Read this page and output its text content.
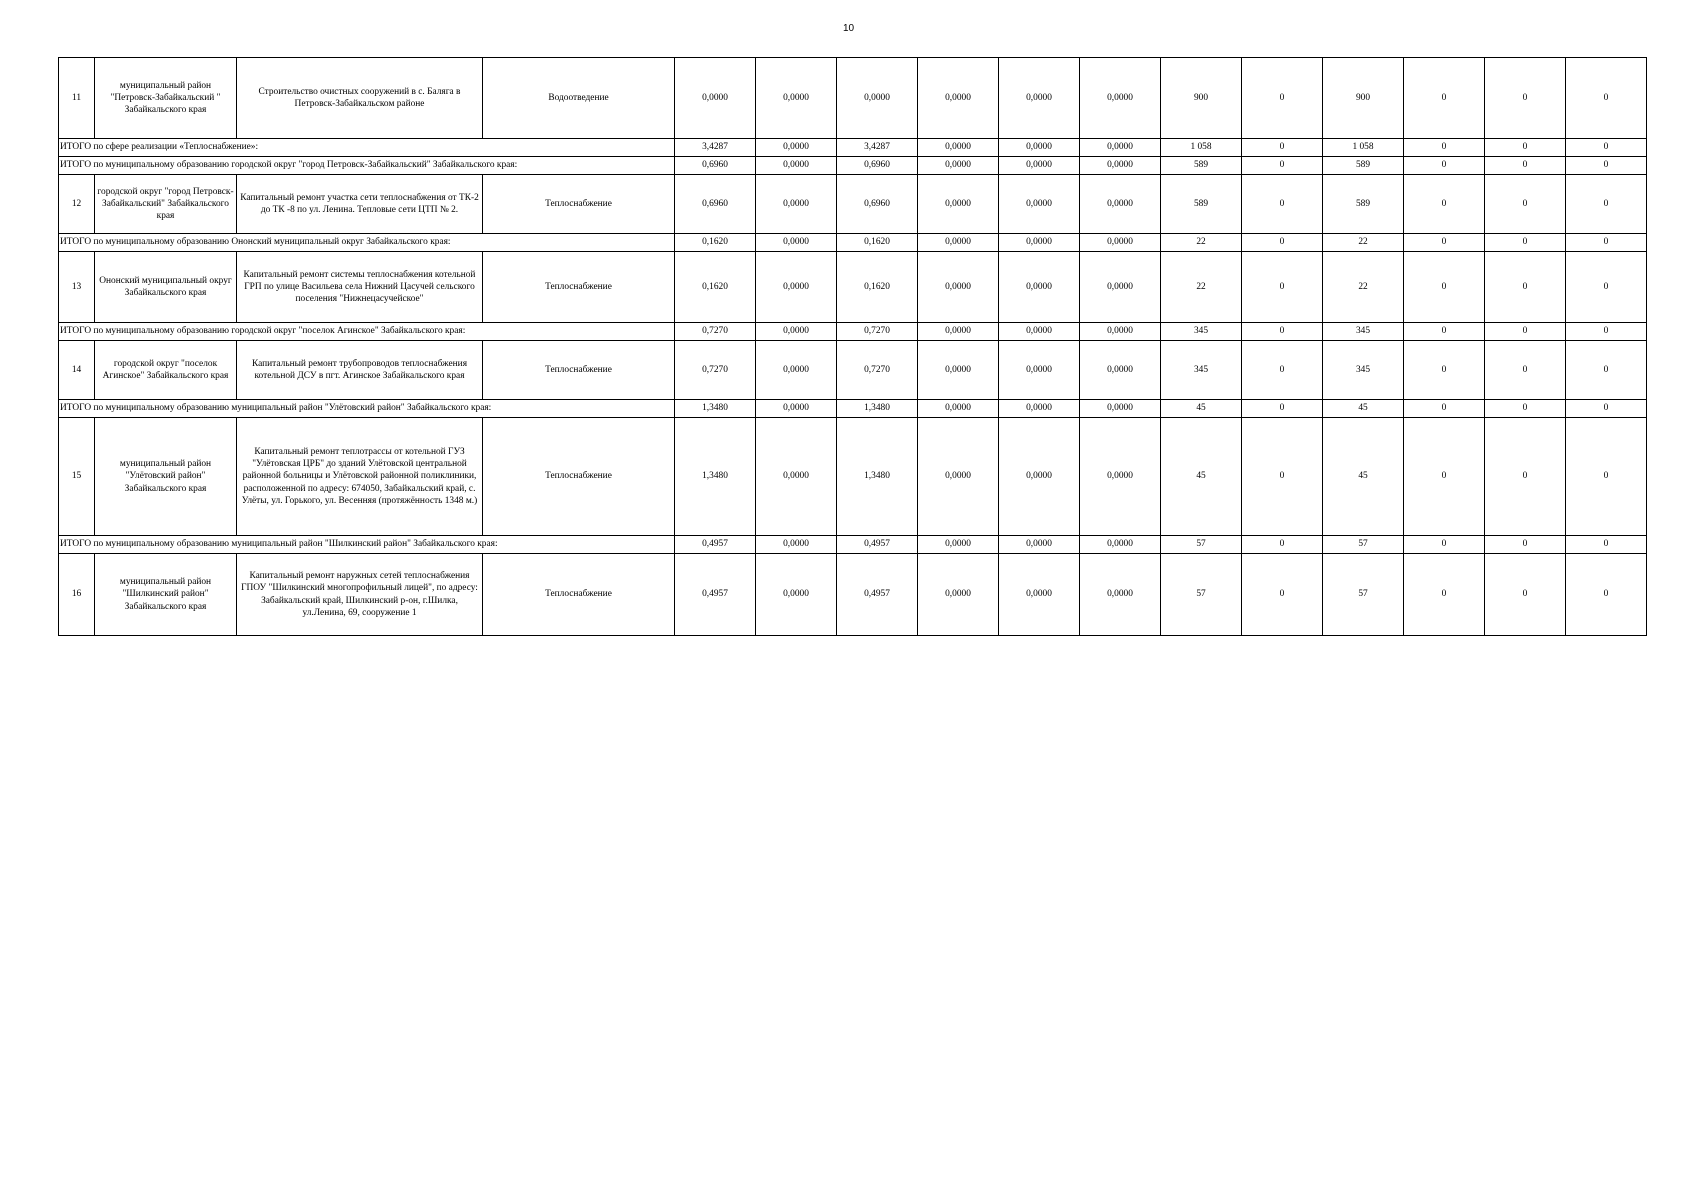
10
11	муниципальный район "Петровск-Забайкальский " Забайкальского края	Строительство очистных сооружений в с. Баляга в Петровск-Забайкальском районе	Водоотведение	0,0000	0,0000	0,0000	0,0000	0,0000	0,0000	900	0	900	0	0	0
ИТОГО по сфере реализации «Теплоснабжение»:				3,4287	0,0000	3,4287	0,0000	0,0000	0,0000	1 058	0	1 058	0	0	0
ИТОГО по муниципальному образованию городской округ "город Петровск-Забайкальский" Забайкальского края:				0,6960	0,0000	0,6960	0,0000	0,0000	0,0000	589	0	589	0	0	0
12	городской округ "город Петровск-Забайкальский" Забайкальского края	Капитальный ремонт участка сети теплоснабжения от ТК-2 до ТК -8 по ул. Ленина. Тепловые сети ЦТП № 2.	Теплоснабжение	0,6960	0,0000	0,6960	0,0000	0,0000	0,0000	589	0	589	0	0	0
ИТОГО по муниципальному образованию Ононский муниципальный округ Забайкальского края:				0,1620	0,0000	0,1620	0,0000	0,0000	0,0000	22	0	22	0	0	0
13	Ононский муниципальный округ Забайкальского края	Капитальный ремонт системы теплоснабжения котельной ГРП по улице Васильева села Нижний Цасучей сельского поселения "Нижнецасучейское"	Теплоснабжение	0,1620	0,0000	0,1620	0,0000	0,0000	0,0000	22	0	22	0	0	0
ИТОГО по муниципальному образованию городской округ "поселок Агинское" Забайкальского края:				0,7270	0,0000	0,7270	0,0000	0,0000	0,0000	345	0	345	0	0	0
14	городской округ "поселок Агинское" Забайкальского края	Капитальный ремонт трубопроводов теплоснабжения котельной ДСУ в пгт. Агинское Забайкальского края	Теплоснабжение	0,7270	0,0000	0,7270	0,0000	0,0000	0,0000	345	0	345	0	0	0
ИТОГО по муниципальному образованию муниципальный район "Улётовский район" Забайкальского края:				1,3480	0,0000	1,3480	0,0000	0,0000	0,0000	45	0	45	0	0	0
15	муниципальный район "Улётовский район" Забайкальского края	Капитальный ремонт теплотрассы от котельной ГУЗ "Улётовская ЦРБ" до зданий Улётовской центральной районной больницы и Улётовской районной поликлиники, расположенной по адресу: 674050, Забайкальский край, с. Улёты, ул. Горького, ул. Весенняя (протяжённость 1348 м.)	Теплоснабжение	1,3480	0,0000	1,3480	0,0000	0,0000	0,0000	45	0	45	0	0	0
ИТОГО по муниципальному образованию муниципальный район "Шилкинский район" Забайкальского края:				0,4957	0,0000	0,4957	0,0000	0,0000	0,0000	57	0	57	0	0	0
16	муниципальный район "Шилкинский район" Забайкальского края	Капитальный ремонт наружных сетей теплоснабжения ГПОУ "Шилкинский многопрофильный лицей", по адресу: Забайкальский край, Шилкинский р-он, г.Шилка, ул.Ленина, 69, сооружение 1	Теплоснабжение	0,4957	0,0000	0,4957	0,0000	0,0000	0,0000	57	0	57	0	0	0
